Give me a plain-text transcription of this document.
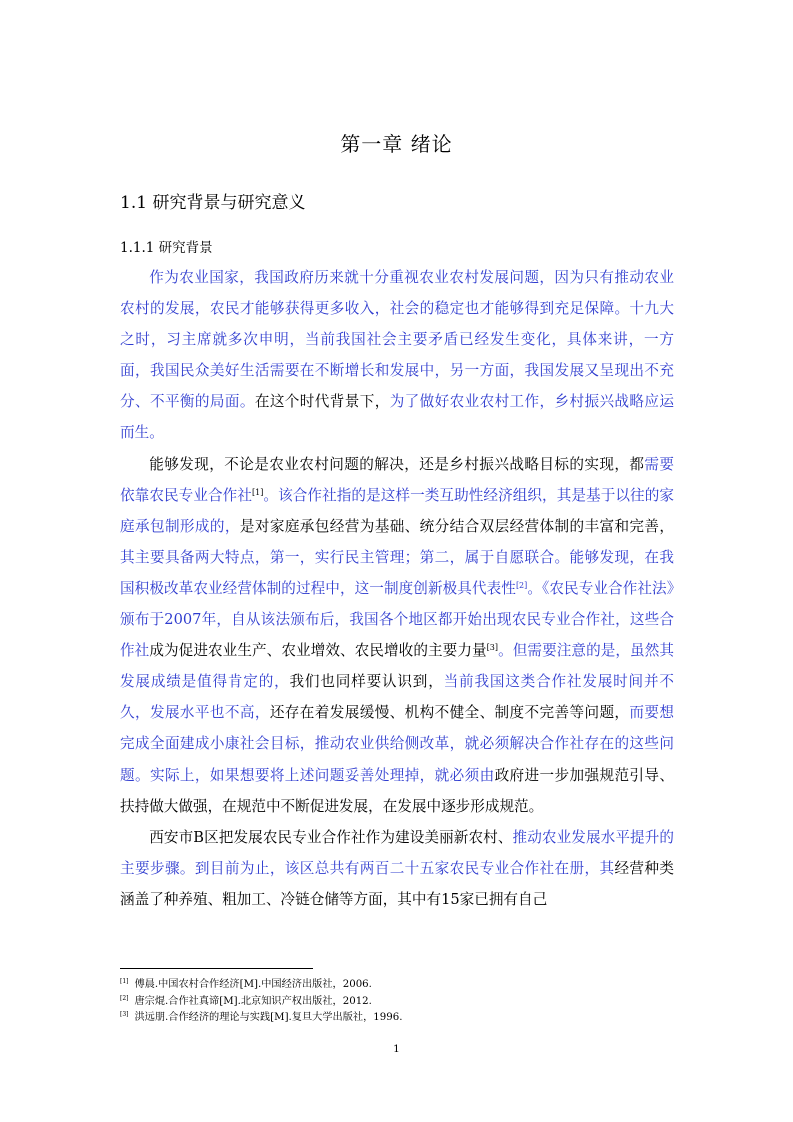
第一章 绪论
1.1 研究背景与研究意义
1.1.1 研究背景

作为农业国家，我国政府历来就十分重视农业农村发展问题，因为只有推动农业农村的发展，农民才能够获得更多收入，社会的稳定也才能够得到充足保障。十九大之时，习主席就多次申明，当前我国社会主要矛盾已经发生变化，具体来讲，一方面，我国民众美好生活需要在不断增长和发展中，另一方面，我国发展又呈现出不充分、不平衡的局面。在这个时代背景下，为了做好农业农村工作，乡村振兴战略应运而生。

能够发现，不论是农业农村问题的解决，还是乡村振兴战略目标的实现，都需要依靠农民专业合作社[1]。该合作社指的是这样一类互助性经济组织，其是基于以往的家庭承包制形成的，是对家庭承包经营为基础、统分结合双层经营体制的丰富和完善，其主要具备两大特点，第一，实行民主管理；第二，属于自愿联合。能够发现，在我国积极改革农业经营体制的过程中，这一制度创新极具代表性[2]。《农民专业合作社法》颁布于2007年，自从该法颁布后，我国各个地区都开始出现农民专业合作社，这些合作社成为促进农业生产、农业增效、农民增收的主要力量[3]。但需要注意的是，虽然其发展成绩是值得肯定的，我们也同样要认识到，当前我国这类合作社发展时间并不久，发展水平也不高，还存在着发展缓慢、机构不健全、制度不完善等问题，而要想完成全面建成小康社会目标，推动农业供给侧改革，就必须解决合作社存在的这些问题。实际上，如果想要将上述问题妥善处理掉，就必须由政府进一步加强规范引导、扶持做大做强，在规范中不断促进发展，在发展中逐步形成规范。

西安市B区把发展农民专业合作社作为建设美丽新农村、推动农业发展水平提升的主要步骤。到目前为止，该区总共有两百二十五家农民专业合作社在册，其经营种类涵盖了种养殖、粗加工、冷链仓储等方面，其中有15家已拥有自己

[1] 傅晨.中国农村合作经济[M].中国经济出版社，2006.
[2] 唐宗焜.合作社真谛[M].北京知识产权出版社，2012.
[3] 洪远朋.合作经济的理论与实践[M].复旦大学出版社，1996.
1
